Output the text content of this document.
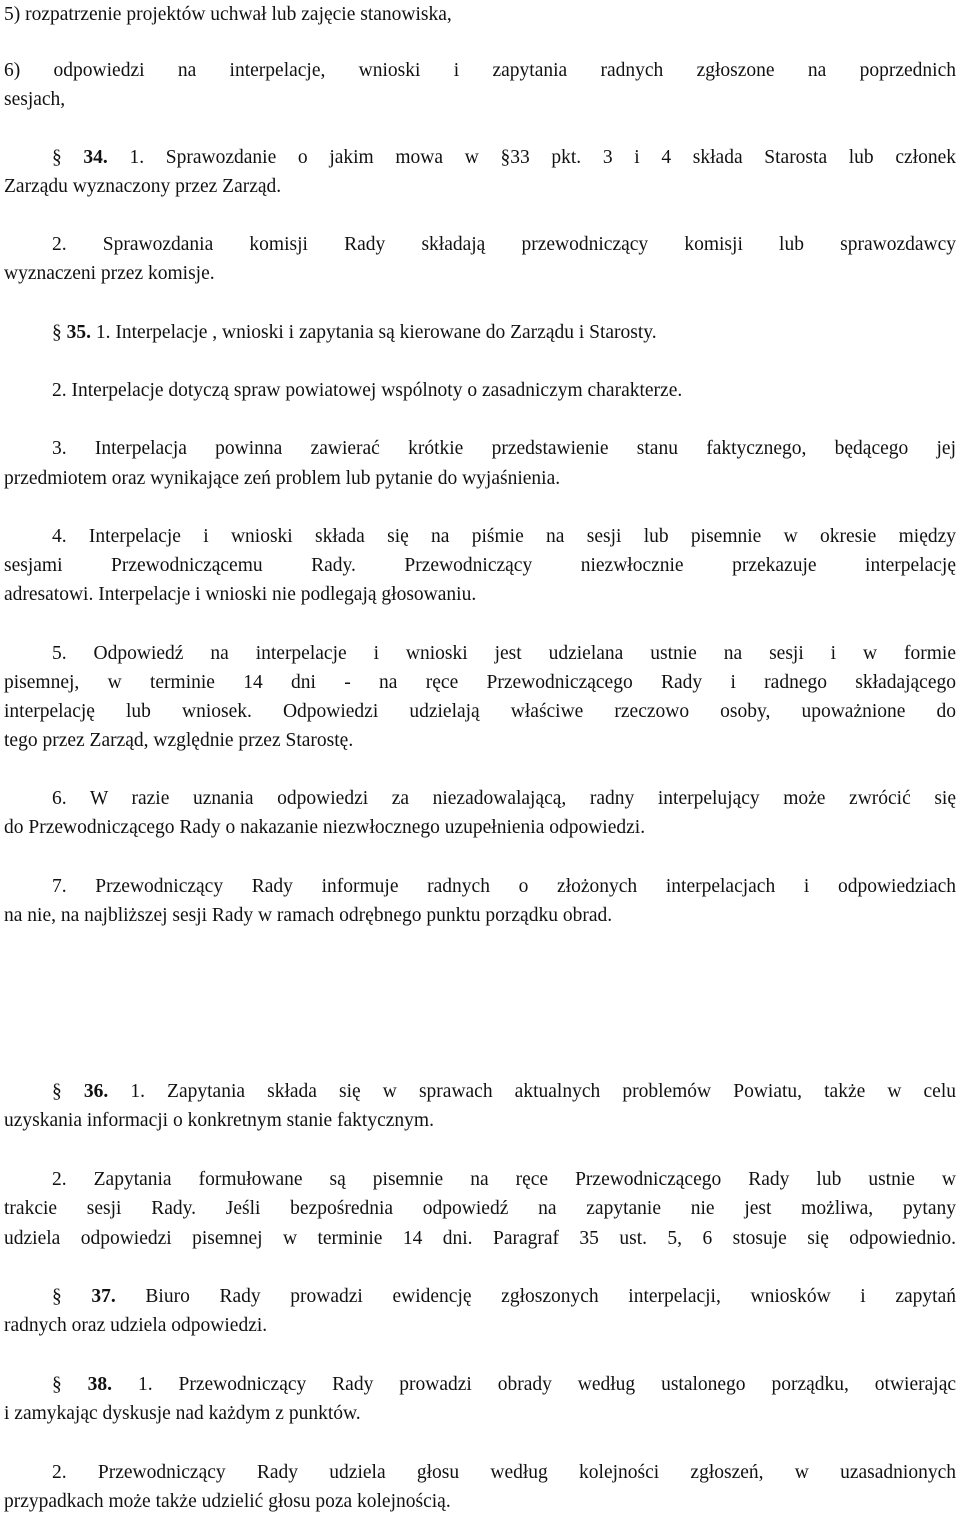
5) rozpatrzenie projektów uchwał lub zajęcie stanowiska,
6) odpowiedzi na interpelacje, wnioski i zapytania radnych zgłoszone na poprzednich
sesjach,
§ 34. 1. Sprawozdanie o jakim mowa w §33 pkt. 3 i 4 składa Starosta lub członek
Zarządu wyznaczony przez Zarząd.
2. Sprawozdania komisji Rady składają przewodniczący komisji lub sprawozdawcy
wyznaczeni przez komisje.
§ 35. 1. Interpelacje , wnioski i zapytania są kierowane do Zarządu i Starosty.
2. Interpelacje dotyczą spraw powiatowej wspólnoty o zasadniczym charakterze.
3. Interpelacja powinna zawierać krótkie przedstawienie stanu faktycznego, będącego jej
przedmiotem oraz wynikające zeń problem lub pytanie do wyjaśnienia.
4. Interpelacje i wnioski składa się na piśmie na sesji lub pisemnie w okresie między
sesjami Przewodniczącemu Rady. Przewodniczący niezwłocznie przekazuje interpelację
adresatowi. Interpelacje i wnioski nie podlegają głosowaniu.
5. Odpowiedź na interpelacje i wnioski jest udzielana ustnie na sesji i w formie
pisemnej, w terminie 14 dni - na ręce Przewodniczącego Rady i radnego składającego
interpelację lub wniosek. Odpowiedzi udzielają właściwe rzeczowo osoby, upoważnione do
tego przez Zarząd, względnie przez Starostę.
6. W razie uznania odpowiedzi za niezadowalającą, radny interpelujący może zwrócić się
do Przewodniczącego Rady o nakazanie niezwłocznego uzupełnienia odpowiedzi.
7. Przewodniczący Rady informuje radnych o złożonych interpelacjach i odpowiedziach
na nie, na najbliższej sesji Rady w ramach odrębnego punktu porządku obrad.
§ 36. 1. Zapytania składa się w sprawach aktualnych problemów Powiatu, także w celu
uzyskania informacji o konkretnym stanie faktycznym.
2. Zapytania formułowane są pisemnie na ręce Przewodniczącego Rady lub ustnie w
trakcie sesji Rady. Jeśli bezpośrednia odpowiedź na zapytanie nie jest możliwa, pytany
udziela odpowiedzi pisemnej w terminie 14 dni. Paragraf 35 ust. 5, 6 stosuje się odpowiednio.
§ 37. Biuro Rady prowadzi ewidencję zgłoszonych interpelacji, wniosków i zapytań
radnych oraz udziela odpowiedzi.
§ 38. 1. Przewodniczący Rady prowadzi obrady według ustalonego porządku, otwierając
i zamykając dyskusje nad każdym z punktów.
2. Przewodniczący Rady udziela głosu według kolejności zgłoszeń, w uzasadnionych
przypadkach może także udzielić głosu poza kolejnością.
